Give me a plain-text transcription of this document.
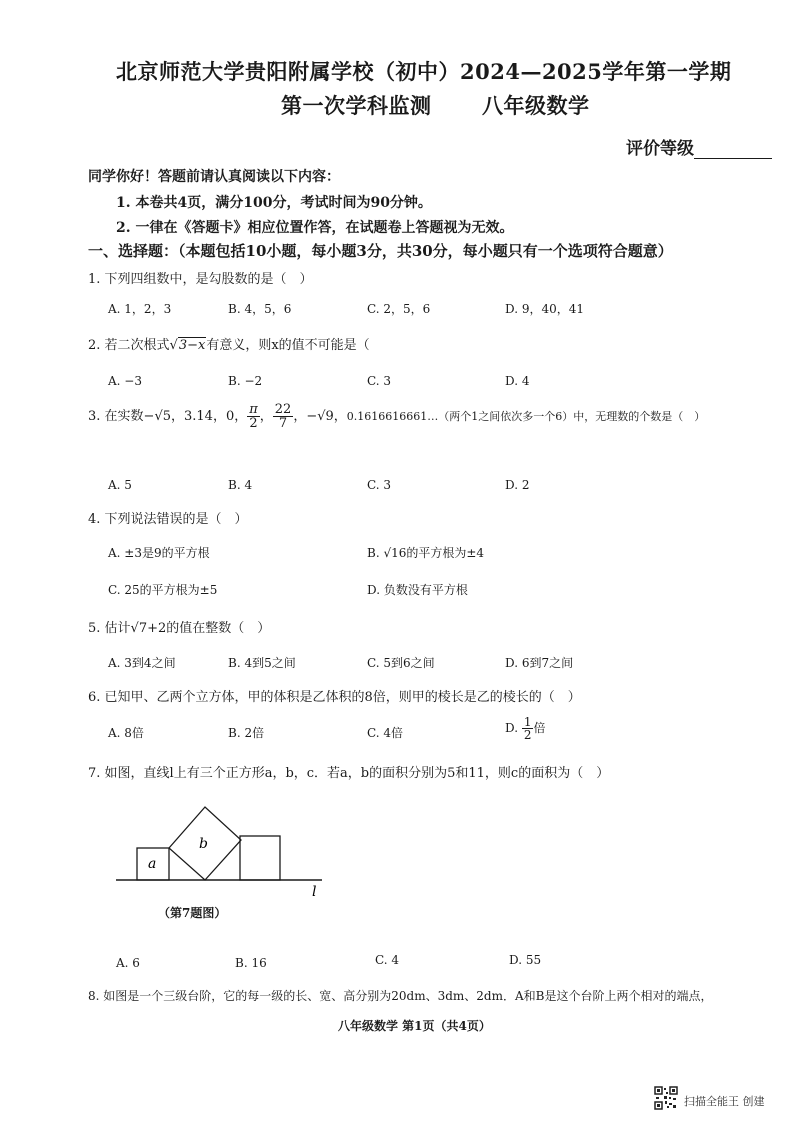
北京师范大学贵阳附属学校（初中）2024—2025学年第一学期
第一次学科监测 八年级数学
评价等级
同学你好！答题前请认真阅读以下内容：
1. 本卷共4页，满分100分，考试时间为90分钟。
2. 一律在《答题卡》相应位置作答，在试题卷上答题视为无效。
一、选择题：（本题包括10小题，每小题3分，共30分，每小题只有一个选项符合题意）
1. 下列四组数中，是勾股数的是（　）
A. 1，2，3	B. 4，5，6	C. 2，5，6	D. 9，40，41
2. 若二次根式√3−x有意义，则x的值不可能是（
A. −3	B. −2	C. 3	D. 4
3. 在实数−√5，3.14，0， $\frac{\pi}{2}$ ， $\frac{22}{7}$ ，−√9，0.1616616661…（两个1之间依次多一个6）中，无理数的个数是（　）
A. 5	B. 4	C. 3	D. 2
4. 下列说法错误的是（　）
A. ±3是9的平方根	B. √16的平方根为±4
C. 25的平方根为±5	D. 负数没有平方根
5. 估计√7+2的值在整数（　）
A. 3到4之间	B. 4到5之间	C. 5到6之间	D. 6到7之间
6. 已知甲、乙两个立方体，甲的体积是乙体积的8倍，则甲的棱长是乙的棱长的（　）
A. 8倍	B. 2倍	C. 4倍	D. $\frac{1}{2}$ 倍
7. 如图，直线l上有三个正方形a，b，c．若a，b的面积分别为5和11，则c的面积为（　）
a
b
l
（第7题图）
A. 6	B. 16	C. 4	D. 55
8. 如图是一个三级台阶，它的每一级的长、宽、高分别为20dm、3dm、2dm．A和B是这个台阶上两个相对的端点，
八年级数学 第1页（共4页）
扫描全能王 创建
